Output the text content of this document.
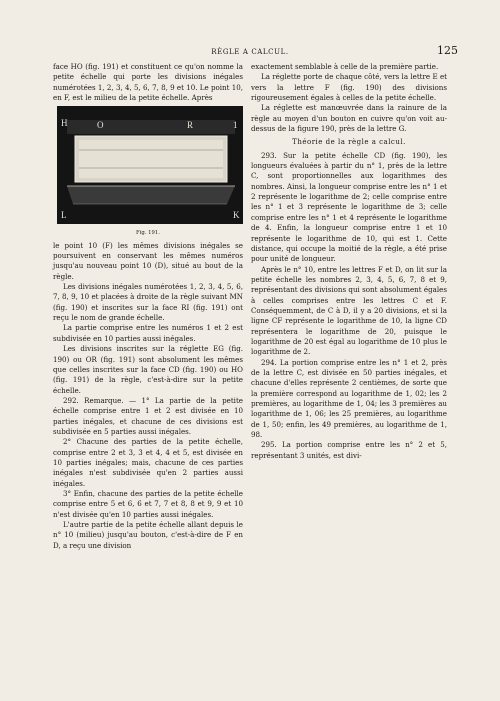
RÈGLE A CALCUL.	125

face HO (fig. 191) et constituent ce qu'on nomme la petite échelle qui porte les divisions inégales numérotées 1, 2, 3, 4, 5, 6, 7, 8, 9 et 10. Le point 10, en F, est le milieu de la petite échelle. Après

H	O	R	1
L	K
Fig. 191.

le point 10 (F) les mêmes divisions inégales se poursuivent en conservant les mêmes numéros jusqu'au nouveau point 10 (D), situé au bout de la règle.

Les divisions inégales numérotées 1, 2, 3, 4, 5, 6, 7, 8, 9, 10 et placées à droite de la règle suivant MN (fig. 190) et inscrites sur la face RI (fig. 191) ont reçu le nom de grande échelle.

La partie comprise entre les numéros 1 et 2 est subdivisée en 10 parties aussi inégales.

Les divisions inscrites sur la réglette EG (fig. 190) ou OR (fig. 191) sont absolument les mêmes que celles inscrites sur la face CD (fig. 190) ou HO (fig. 191) de la règle, c'est-à-dire sur la petite échelle.

292. Remarque. — 1° La partie de la petite échelle comprise entre 1 et 2 est divisée en 10 parties inégales, et chacune de ces divisions est subdivisée en 5 parties aussi inégales.

2° Chacune des parties de la petite échelle, comprise entre 2 et 3, 3 et 4, 4 et 5, est divisée en 10 parties inégales; mais, chacune de ces parties inégales n'est subdivisée qu'en 2 parties aussi inégales.

3° Enfin, chacune des parties de la petite échelle comprise entre 5 et 6, 6 et 7, 7 et 8, 8 et 9, 9 et 10 n'est divisée qu'en 10 parties aussi inégales.

L'autre partie de la petite échelle allant depuis le n° 10 (milieu) jusqu'au bouton, c'est-à-dire de F en D, a reçu une division

exactement semblable à celle de la première partie.

La réglette porte de chaque côté, vers la lettre E et vers la lettre F (fig. 190) des divisions rigoureusement égales à celles de la petite échelle.

La réglette est manœuvrée dans la rainure de la règle au moyen d'un bouton en cuivre qu'on voit au-dessus de la figure 190, près de la lettre G.

Théorie de la règle a calcul.

293. Sur la petite échelle CD (fig. 190), les longueurs évaluées à partir du n° 1, près de la lettre C, sont proportionnelles aux logarithmes des nombres. Ainsi, la longueur comprise entre les n° 1 et 2 représente le logarithme de 2; celle comprise entre les n° 1 et 3 représente le logarithme de 3; celle comprise entre les n° 1 et 4 représente le logarithme de 4. Enfin, la longueur comprise entre 1 et 10 représente le logarithme de 10, qui est 1. Cette distance, qui occupe la moitié de la règle, a été prise pour unité de longueur.

Après le n° 10, entre les lettres F et D, on lit sur la petite échelle les nombres 2, 3, 4, 5, 6, 7, 8 et 9, représentant des divisions qui sont absolument égales à celles comprises entre les lettres C et F. Conséquemment, de C à D, il y a 20 divisions, et si la ligne CF représente le logarithme de 10, la ligne CD représentera le logarithme de 20, puisque le logarithme de 20 est égal au logarithme de 10 plus le logarithme de 2.

294. La portion comprise entre les n° 1 et 2, près de la lettre C, est divisée en 50 parties inégales, et chacune d'elles représente 2 centièmes, de sorte que la première correspond au logarithme de 1, 02; les 2 premières, au logarithme de 1, 04; les 3 premières au logarithme de 1, 06; les 25 premières, au logarithme de 1, 50; enfin, les 49 premières, au logarithme de 1, 98.

295. La portion comprise entre les n° 2 et 5, représentant 3 unités, est divi-
